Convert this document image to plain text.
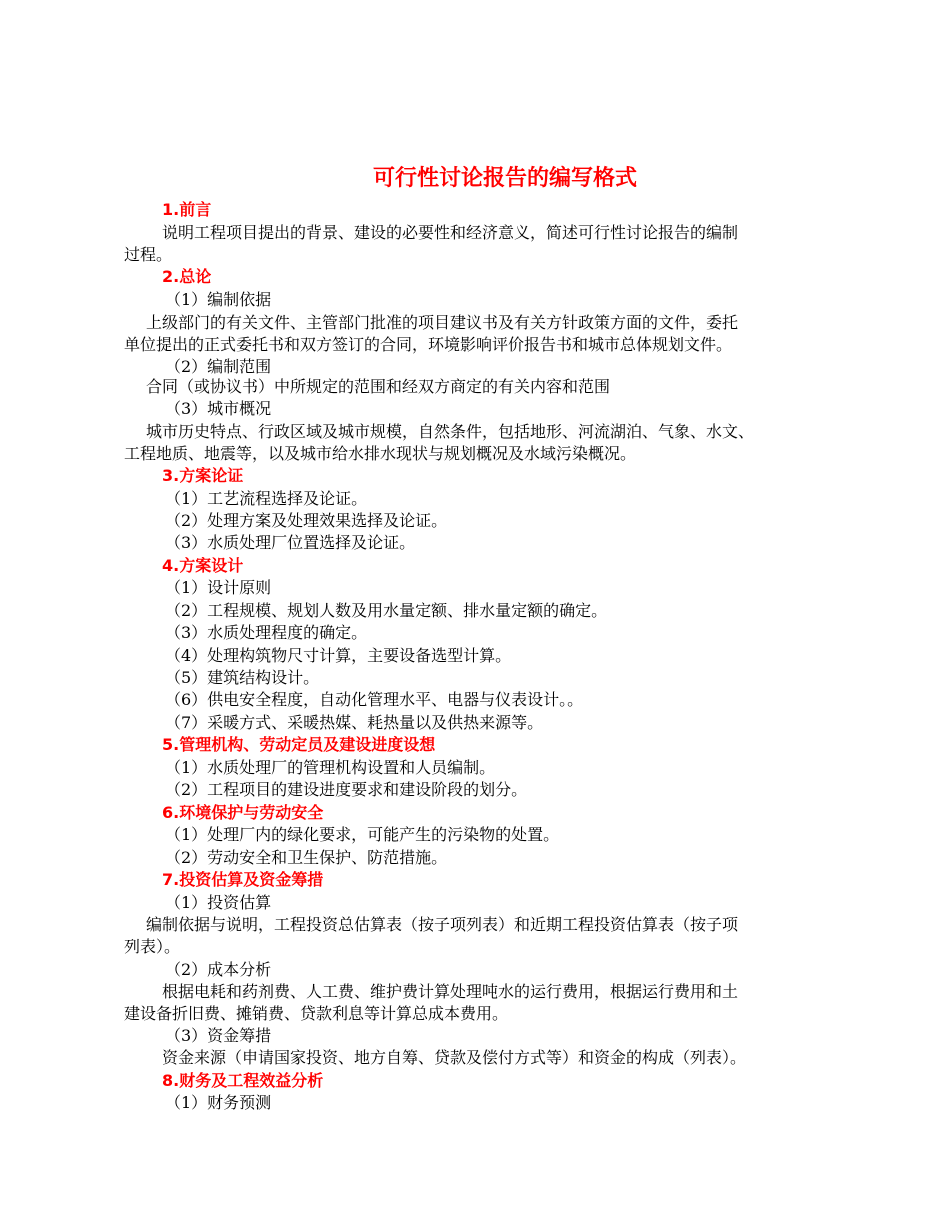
可行性讨论报告的编写格式
1.前言
说明工程项目提出的背景、建设的必要性和经济意义，简述可行性讨论报告的编制
过程。
2.总论
（1）编制依据
上级部门的有关文件、主管部门批准的项目建议书及有关方针政策方面的文件，委托
单位提出的正式委托书和双方签订的合同，环境影响评价报告书和城市总体规划文件。
（2）编制范围
合同（或协议书）中所规定的范围和经双方商定的有关内容和范围
（3）城市概况
城市历史特点、行政区域及城市规模，自然条件，包括地形、河流湖泊、气象、水文、
工程地质、地震等，以及城市给水排水现状与规划概况及水域污染概况。
3.方案论证
（1）工艺流程选择及论证。
（2）处理方案及处理效果选择及论证。
（3）水质处理厂位置选择及论证。
4.方案设计
（1）设计原则
（2）工程规模、规划人数及用水量定额、排水量定额的确定。
（3）水质处理程度的确定。
（4）处理构筑物尺寸计算，主要设备选型计算。
（5）建筑结构设计。
（6）供电安全程度，自动化管理水平、电器与仪表设计。。
（7）采暖方式、采暖热媒、耗热量以及供热来源等。
5.管理机构、劳动定员及建设进度设想
（1）水质处理厂的管理机构设置和人员编制。
（2）工程项目的建设进度要求和建设阶段的划分。
6.环境保护与劳动安全
（1）处理厂内的绿化要求，可能产生的污染物的处置。
（2）劳动安全和卫生保护、防范措施。
7.投资估算及资金筹措
（1）投资估算
编制依据与说明，工程投资总估算表（按子项列表）和近期工程投资估算表（按子项
列表）。
（2）成本分析
根据电耗和药剂费、人工费、维护费计算处理吨水的运行费用，根据运行费用和土
建设备折旧费、摊销费、贷款利息等计算总成本费用。
（3）资金筹措
资金来源（申请国家投资、地方自筹、贷款及偿付方式等）和资金的构成（列表）。
8.财务及工程效益分析
（1）财务预测
